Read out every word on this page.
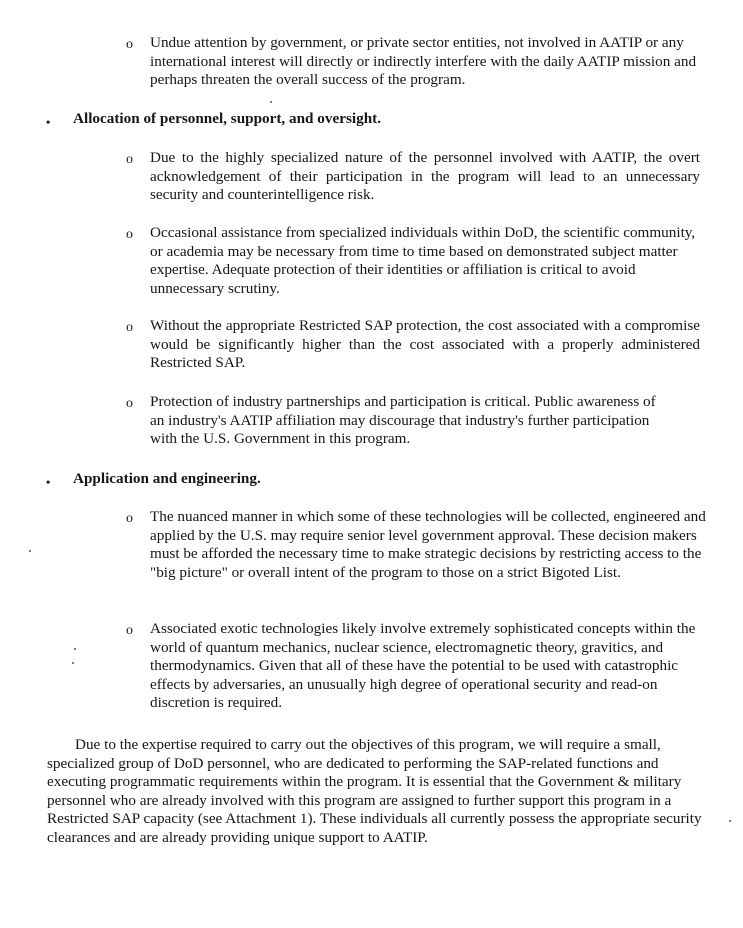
o	Undue attention by government, or private sector entities, not involved in AATIP or any international interest will directly or indirectly interfere with the daily AATIP mission and perhaps threaten the overall success of the program.

• Allocation of personnel, support, and oversight.
o	Due to the highly specialized nature of the personnel involved with AATIP, the overt acknowledgement of their participation in the program will lead to an unnecessary security and counterintelligence risk.

o	Occasional assistance from specialized individuals within DoD, the scientific community, or academia may be necessary from time to time based on demonstrated subject matter expertise. Adequate protection of their identities or affiliation is critical to avoid unnecessary scrutiny.

o	Without the appropriate Restricted SAP protection, the cost associated with a compromise would be significantly higher than the cost associated with a properly administered Restricted SAP.

o	Protection of industry partnerships and participation is critical. Public awareness of an industry's AATIP affiliation may discourage that industry's further participation with the U.S. Government in this program.

• Application and engineering.
o	The nuanced manner in which some of these technologies will be collected, engineered and applied by the U.S. may require senior level government approval. These decision makers must be afforded the necessary time to make strategic decisions by restricting access to the "big picture" or overall intent of the program to those on a strict Bigoted List.

o	Associated exotic technologies likely involve extremely sophisticated concepts within the world of quantum mechanics, nuclear science, electromagnetic theory, gravitics, and thermodynamics. Given that all of these have the potential to be used with catastrophic effects by adversaries, an unusually high degree of operational security and read-on discretion is required.

Due to the expertise required to carry out the objectives of this program, we will require a small, specialized group of DoD personnel, who are dedicated to performing the SAP-related functions and executing programmatic requirements within the program. It is essential that the Government & military personnel who are already involved with this program are assigned to further support this program in a Restricted SAP capacity (see Attachment 1). These individuals all currently possess the appropriate security clearances and are already providing unique support to AATIP.
